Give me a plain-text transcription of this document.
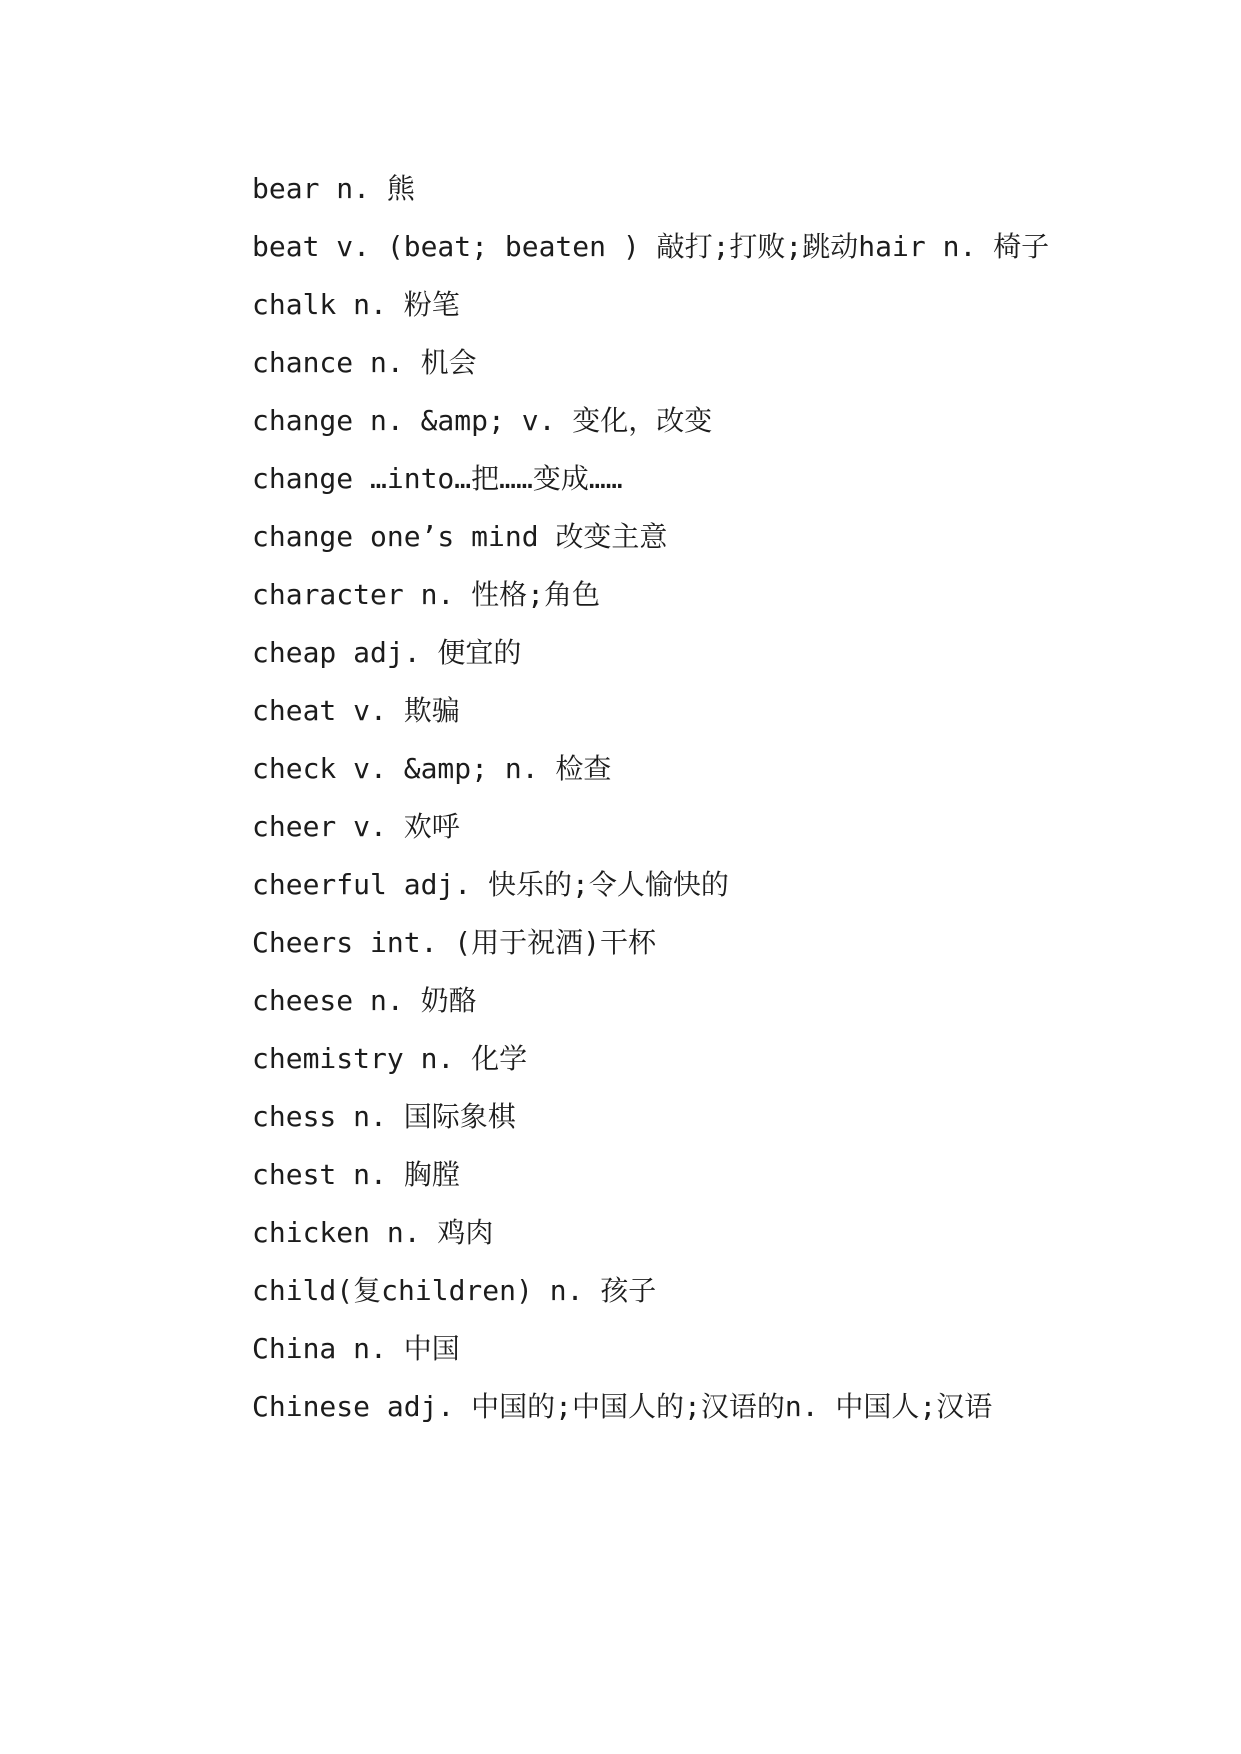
bear n. 熊

beat v. (beat; beaten ) 敲打;打败;跳动hair n. 椅子

chalk n. 粉笔

chance n. 机会

change n. &amp; v. 变化，改变

change …into…把……变成……

change one’s mind 改变主意

character n. 性格;角色

cheap adj. 便宜的

cheat v. 欺骗

check v. &amp; n. 检查

cheer v. 欢呼

cheerful adj. 快乐的;令人愉快的

Cheers int. (用于祝酒)干杯

cheese n. 奶酪

chemistry n. 化学

chess n. 国际象棋

chest n. 胸膛

chicken n. 鸡肉

child(复children) n. 孩子

China n. 中国

Chinese adj. 中国的;中国人的;汉语的n. 中国人;汉语
